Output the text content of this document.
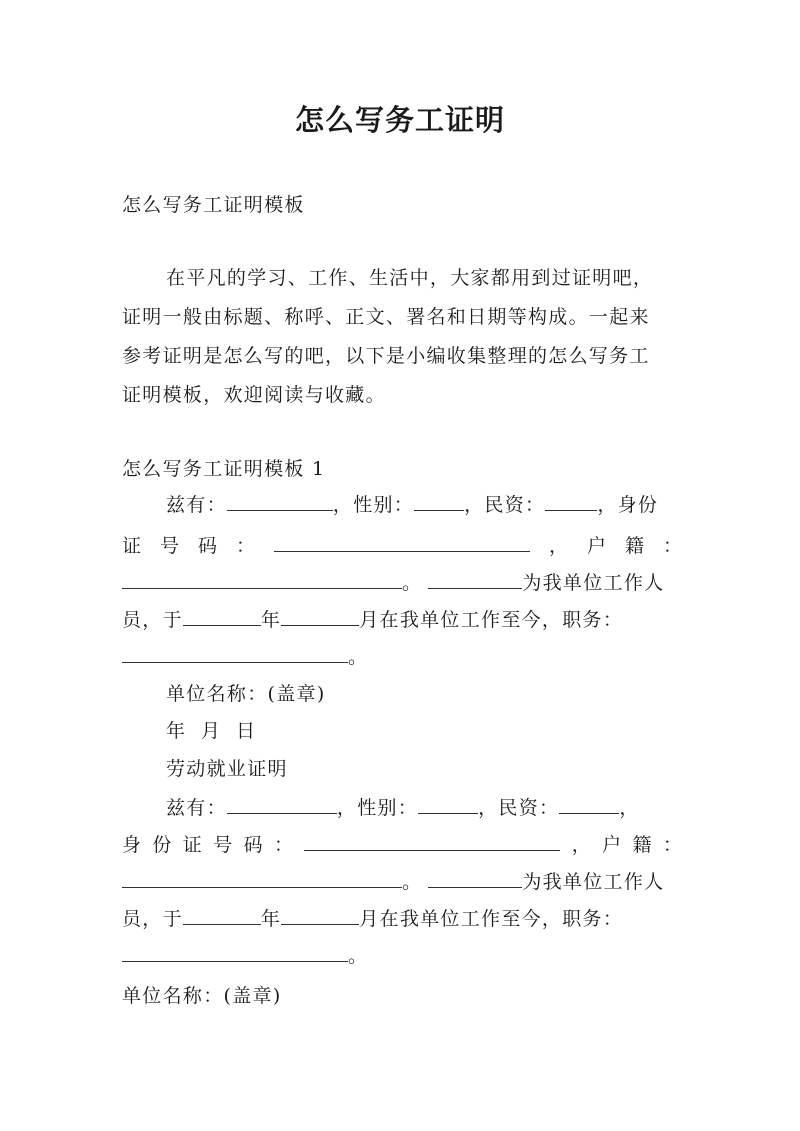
怎么写务工证明
怎么写务工证明模板
在平凡的学习、工作、生活中，大家都用到过证明吧，
证明一般由标题、称呼、正文、署名和日期等构成。一起来
参考证明是怎么写的吧，以下是小编收集整理的怎么写务工
证明模板，欢迎阅读与收藏。
怎么写务工证明模板 1
兹有：	，性别：	，民资：	，身份
证 号 码 ：	， 户 籍 ：
。	为我单位工作人
员，于	年	月在我单位工作至今，职务：
。
单位名称：(盖章)
年  月  日
劳动就业证明
兹有：	，性别：	，民资：	，
身 份 证 号 码 ：	， 户 籍 ：
。	为我单位工作人
员，于	年	月在我单位工作至今，职务：
。
单位名称：(盖章)
